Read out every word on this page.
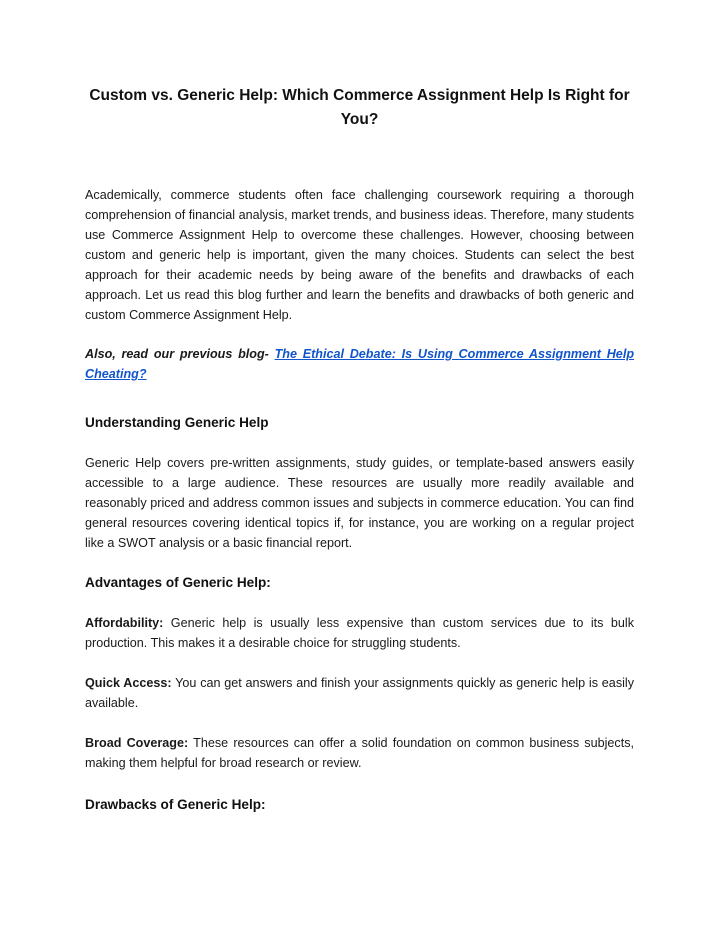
Custom vs. Generic Help: Which Commerce Assignment Help Is Right for You?

Academically, commerce students often face challenging coursework requiring a thorough comprehension of financial analysis, market trends, and business ideas. Therefore, many students use Commerce Assignment Help to overcome these challenges. However, choosing between custom and generic help is important, given the many choices. Students can select the best approach for their academic needs by being aware of the benefits and drawbacks of each approach. Let us read this blog further and learn the benefits and drawbacks of both generic and custom Commerce Assignment Help.

Also, read our previous blog- The Ethical Debate: Is Using Commerce Assignment Help Cheating?

Understanding Generic Help

Generic Help covers pre-written assignments, study guides, or template-based answers easily accessible to a large audience. These resources are usually more readily available and reasonably priced and address common issues and subjects in commerce education. You can find general resources covering identical topics if, for instance, you are working on a regular project like a SWOT analysis or a basic financial report.

Advantages of Generic Help:

Affordability: Generic help is usually less expensive than custom services due to its bulk production. This makes it a desirable choice for struggling students.

Quick Access: You can get answers and finish your assignments quickly as generic help is easily available.

Broad Coverage: These resources can offer a solid foundation on common business subjects, making them helpful for broad research or review.

Drawbacks of Generic Help:
